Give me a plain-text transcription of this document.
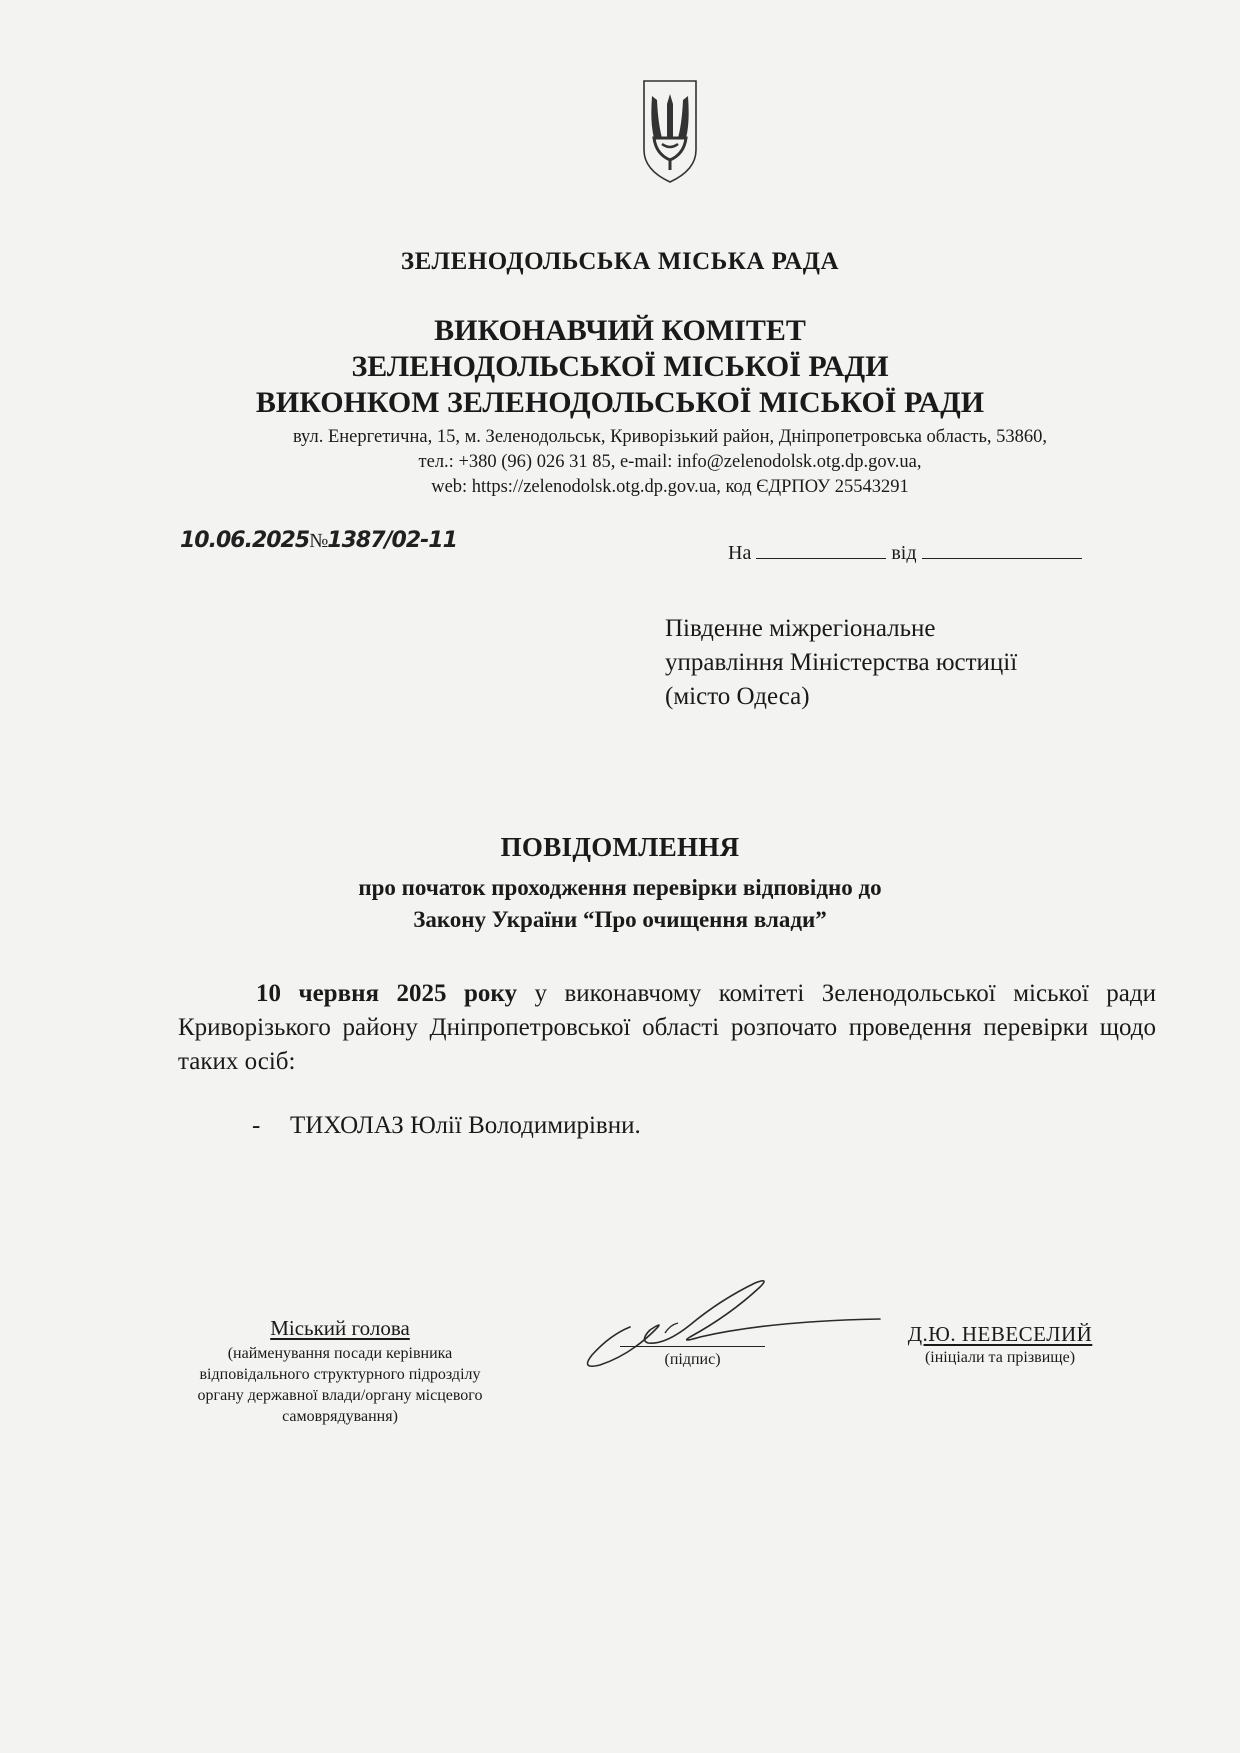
ЗЕЛЕНОДОЛЬСЬКА МІСЬКА РАДА
ВИКОНАВЧИЙ КОМІТЕТ
ЗЕЛЕНОДОЛЬСЬКОЇ МІСЬКОЇ РАДИ
ВИКОНКОМ ЗЕЛЕНОДОЛЬСЬКОЇ МІСЬКОЇ РАДИ
вул. Енергетична, 15, м. Зеленодольськ, Криворізький район, Дніпропетровська область, 53860,
тел.: +380 (96) 026 31 85, e-mail: info@zelenodolsk.otg.dp.gov.ua,
web: https://zelenodolsk.otg.dp.gov.ua, код ЄДРПОУ 25543291
10.06.2025№1387/02-11	На	від
Південне міжрегіональне
управління Міністерства юстиції
(місто Одеса)
ПОВІДОМЛЕННЯ
про початок проходження перевірки відповідно до
Закону України “Про очищення влади”
10 червня 2025 року у виконавчому комітеті Зеленодольської міської ради Криворізького району Дніпропетровської області розпочато проведення перевірки щодо таких осіб:
- ТИХОЛАЗ Юлії Володимирівни.
Міський голова
(найменування посади керівника
відповідального структурного підрозділу
органу державної влади/органу місцевого
самоврядування)
(підпис)
Д.Ю. НЕВЕСЕЛИЙ
(ініціали та прізвище)
